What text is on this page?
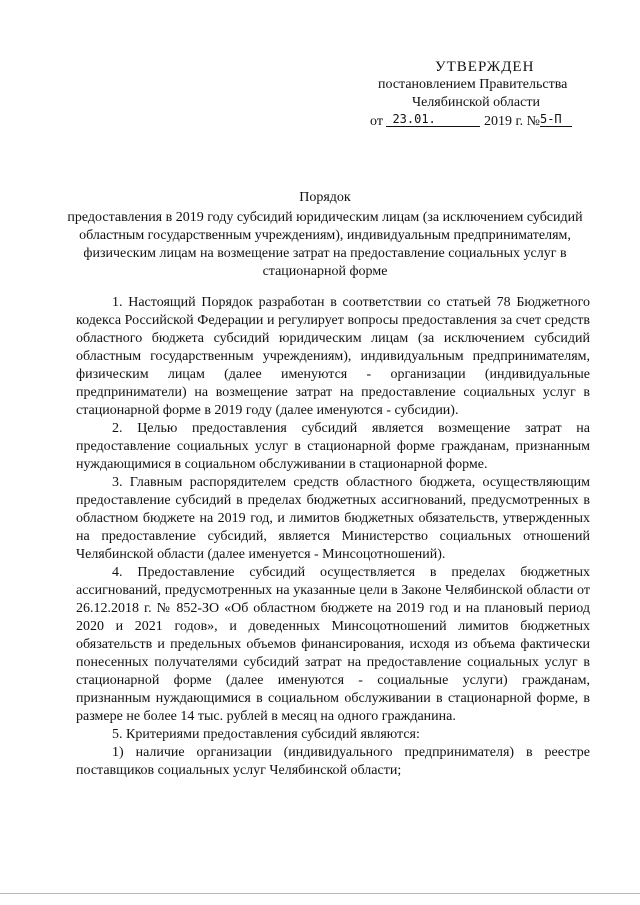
УТВЕРЖДЕН
постановлением Правительства
Челябинской области
от 23.01.	2019 г. №5-П
Порядок
предоставления в 2019 году субсидий юридическим лицам (за исключением субсидий областным государственным учреждениям), индивидуальным предпринимателям, физическим лицам на возмещение затрат на предоставление социальных услуг в стационарной форме

1. Настоящий Порядок разработан в соответствии со статьей 78 Бюджетного кодекса Российской Федерации и регулирует вопросы предоставления за счет средств областного бюджета субсидий юридическим лицам (за исключением субсидий областным государственным учреждениям), индивидуальным предпринимателям, физическим лицам (далее именуются - организации (индивидуальные предприниматели) на возмещение затрат на предоставление социальных услуг в стационарной форме в 2019 году (далее именуются - субсидии).

2. Целью предоставления субсидий является возмещение затрат на предоставление социальных услуг в стационарной форме гражданам, признанным нуждающимися в социальном обслуживании в стационарной форме.

3. Главным распорядителем средств областного бюджета, осуществляющим предоставление субсидий в пределах бюджетных ассигнований, предусмотренных в областном бюджете на 2019 год, и лимитов бюджетных обязательств, утвержденных на предоставление субсидий, является Министерство социальных отношений Челябинской области (далее именуется - Минсоцотношений).

4. Предоставление субсидий осуществляется в пределах бюджетных ассигнований, предусмотренных на указанные цели в Законе Челябинской области от 26.12.2018 г. № 852-ЗО «Об областном бюджете на 2019 год и на плановый период 2020 и 2021 годов», и доведенных Минсоцотношений лимитов бюджетных обязательств и предельных объемов финансирования, исходя из объема фактически понесенных получателями субсидий затрат на предоставление социальных услуг в стационарной форме (далее именуются - социальные услуги) гражданам, признанным нуждающимися в социальном обслуживании в стационарной форме, в размере не более 14 тыс. рублей в месяц на одного гражданина.

5. Критериями предоставления субсидий являются:

1) наличие организации (индивидуального предпринимателя) в реестре поставщиков социальных услуг Челябинской области;
